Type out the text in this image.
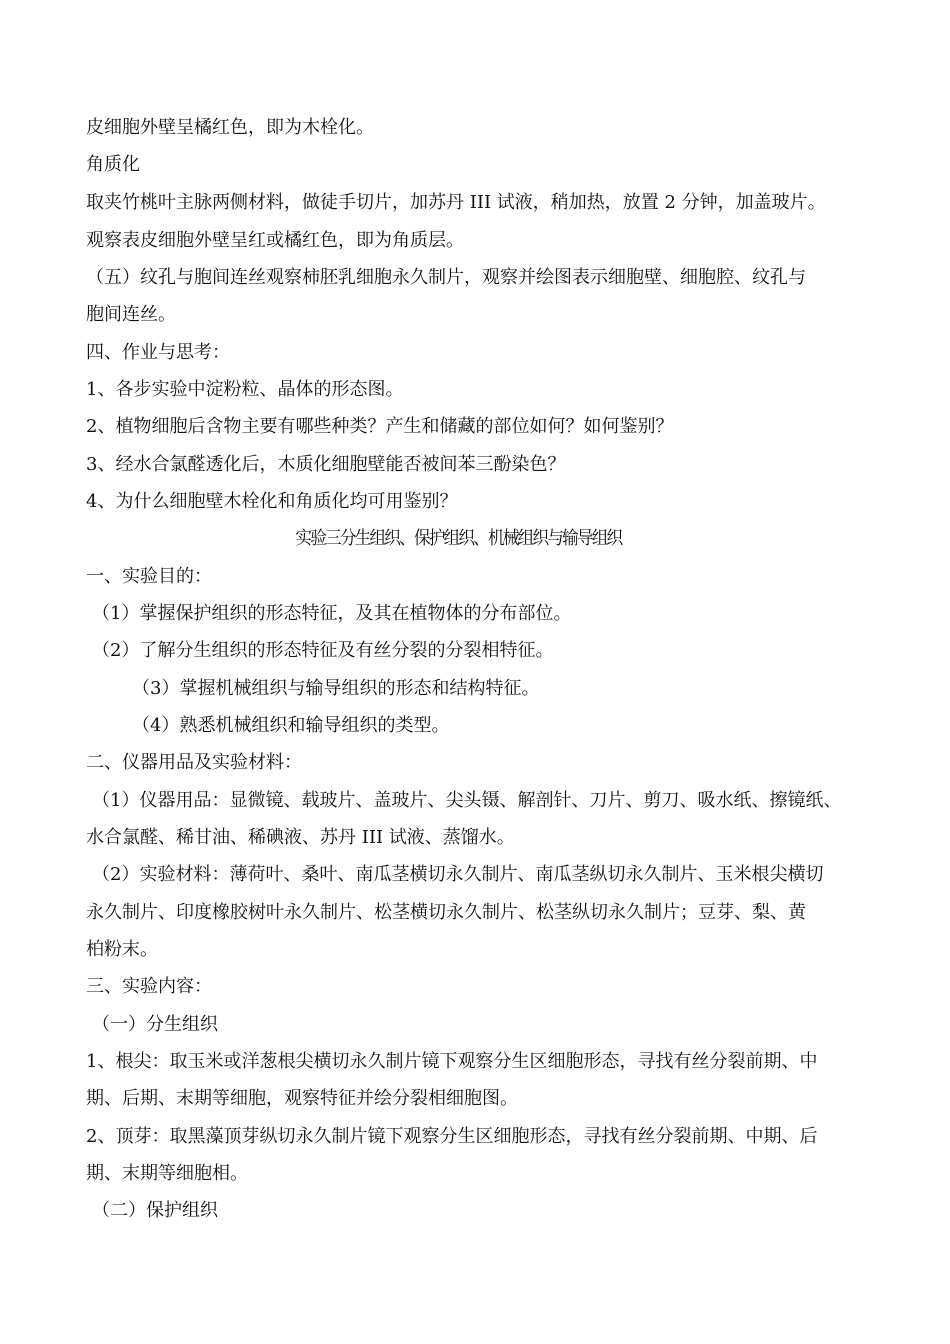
皮细胞外壁呈橘红色，即为木栓化。
角质化
取夹竹桃叶主脉两侧材料，做徒手切片，加苏丹 III 试液，稍加热，放置 2 分钟，加盖玻片。
观察表皮细胞外壁呈红或橘红色，即为角质层。
（五）纹孔与胞间连丝观察柿胚乳细胞永久制片，观察并绘图表示细胞壁、细胞腔、纹孔与
胞间连丝。
四、作业与思考：
1、各步实验中淀粉粒、晶体的形态图。
2、植物细胞后含物主要有哪些种类？产生和储藏的部位如何？如何鉴别？
3、经水合氯醛透化后，木质化细胞壁能否被间苯三酚染色？
4、为什么细胞壁木栓化和角质化均可用鉴别？
实验三分生组织、保护组织、机械组织与输导组织
一、实验目的：
（1）掌握保护组织的形态特征，及其在植物体的分布部位。
（2）了解分生组织的形态特征及有丝分裂的分裂相特征。
（3）掌握机械组织与输导组织的形态和结构特征。
（4）熟悉机械组织和输导组织的类型。
二、仪器用品及实验材料：
（1）仪器用品：显微镜、载玻片、盖玻片、尖头镊、解剖针、刀片、剪刀、吸水纸、擦镜纸、
水合氯醛、稀甘油、稀碘液、苏丹 III 试液、蒸馏水。
（2）实验材料：薄荷叶、桑叶、南瓜茎横切永久制片、南瓜茎纵切永久制片、玉米根尖横切
永久制片、印度橡胶树叶永久制片、松茎横切永久制片、松茎纵切永久制片；豆芽、梨、黄
柏粉末。
三、实验内容：
（一）分生组织
1、根尖：取玉米或洋葱根尖横切永久制片镜下观察分生区细胞形态，寻找有丝分裂前期、中
期、后期、末期等细胞，观察特征并绘分裂相细胞图。
2、顶芽：取黑藻顶芽纵切永久制片镜下观察分生区细胞形态，寻找有丝分裂前期、中期、后
期、末期等细胞相。
（二）保护组织
